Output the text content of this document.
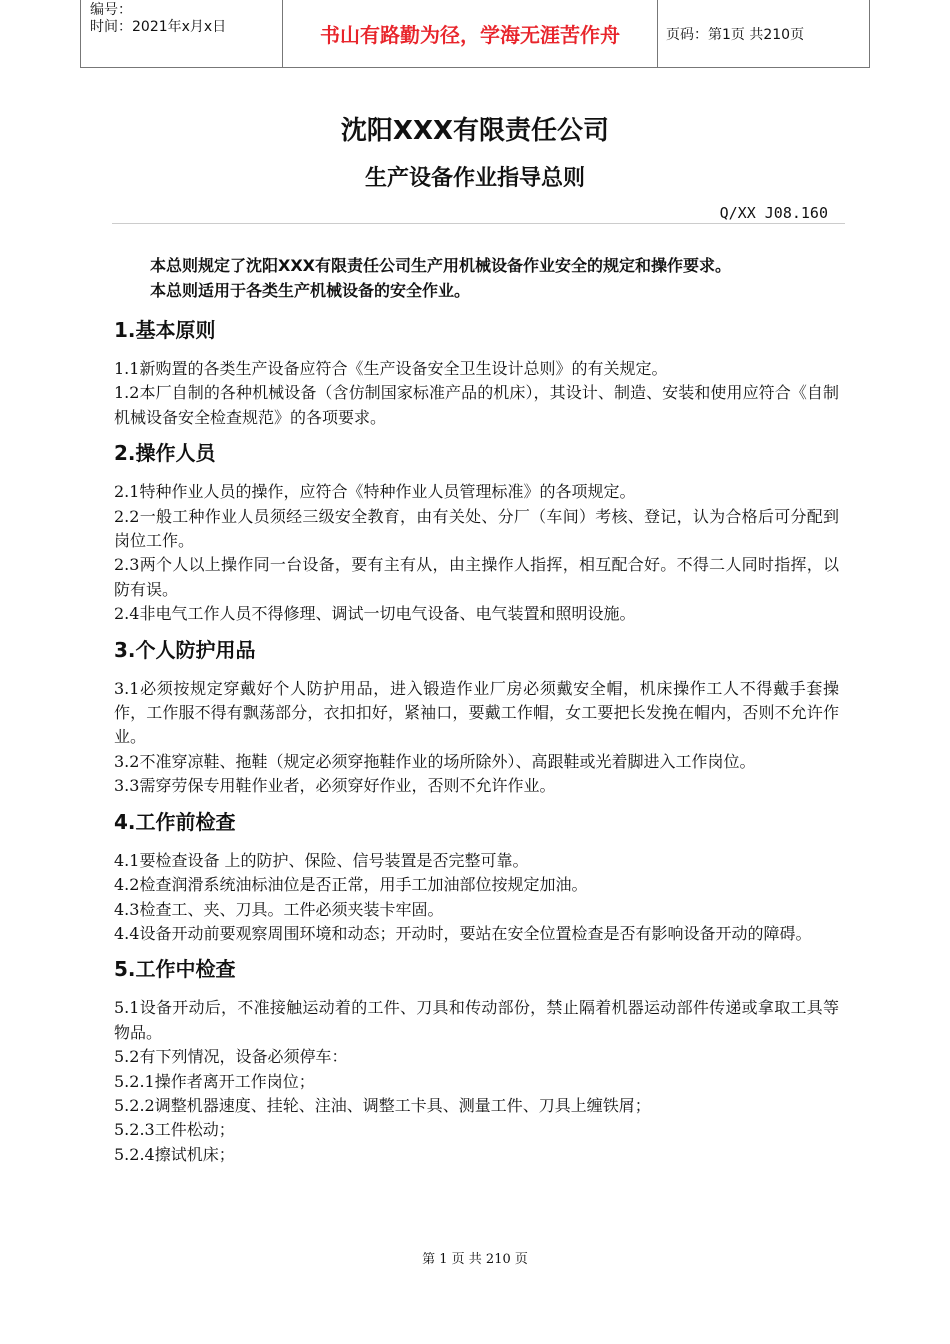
编号：
时间：2021年x月x日	书山有路勤为径，学海无涯苦作舟	页码：第1页 共210页
沈阳XXX有限责任公司
生产设备作业指导总则
Q/XX J08.160
本总则规定了沈阳XXX有限责任公司生产用机械设备作业安全的规定和操作要求。
本总则适用于各类生产机械设备的安全作业。
1.基本原则

1.1新购置的各类生产设备应符合《生产设备安全卫生设计总则》的有关规定。

1.2本厂自制的各种机械设备（含仿制国家标准产品的机床），其设计、制造、安装和使用应符合《自制机械设备安全检查规范》的各项要求。

2.操作人员

2.1特种作业人员的操作，应符合《特种作业人员管理标准》的各项规定。

2.2一般工种作业人员须经三级安全教育，由有关处、分厂（车间）考核、登记，认为合格后可分配到岗位工作。

2.3两个人以上操作同一台设备，要有主有从，由主操作人指挥，相互配合好。不得二人同时指挥，以防有误。

2.4非电气工作人员不得修理、调试一切电气设备、电气装置和照明设施。

3.个人防护用品

3.1必须按规定穿戴好个人防护用品，进入锻造作业厂房必须戴安全帽，机床操作工人不得戴手套操作，工作服不得有飘荡部分，衣扣扣好，紧袖口，要戴工作帽，女工要把长发挽在帽内，否则不允许作业。

3.2不准穿凉鞋、拖鞋（规定必须穿拖鞋作业的场所除外）、高跟鞋或光着脚进入工作岗位。

3.3需穿劳保专用鞋作业者，必须穿好作业，否则不允许作业。

4.工作前检查

4.1要检查设备 上的防护、保险、信号装置是否完整可靠。

4.2检查润滑系统油标油位是否正常，用手工加油部位按规定加油。

4.3检查工、夹、刀具。工件必须夹装卡牢固。

4.4设备开动前要观察周围环境和动态；开动时，要站在安全位置检查是否有影响设备开动的障碍。

5.工作中检查

5.1设备开动后，不准接触运动着的工件、刀具和传动部份，禁止隔着机器运动部件传递或拿取工具等物品。

5.2有下列情况，设备必须停车：

5.2.1操作者离开工作岗位；

5.2.2调整机器速度、挂轮、注油、调整工卡具、测量工件、刀具上缠铁屑；

5.2.3工件松动；

5.2.4擦试机床；

第 1 页 共 210 页
